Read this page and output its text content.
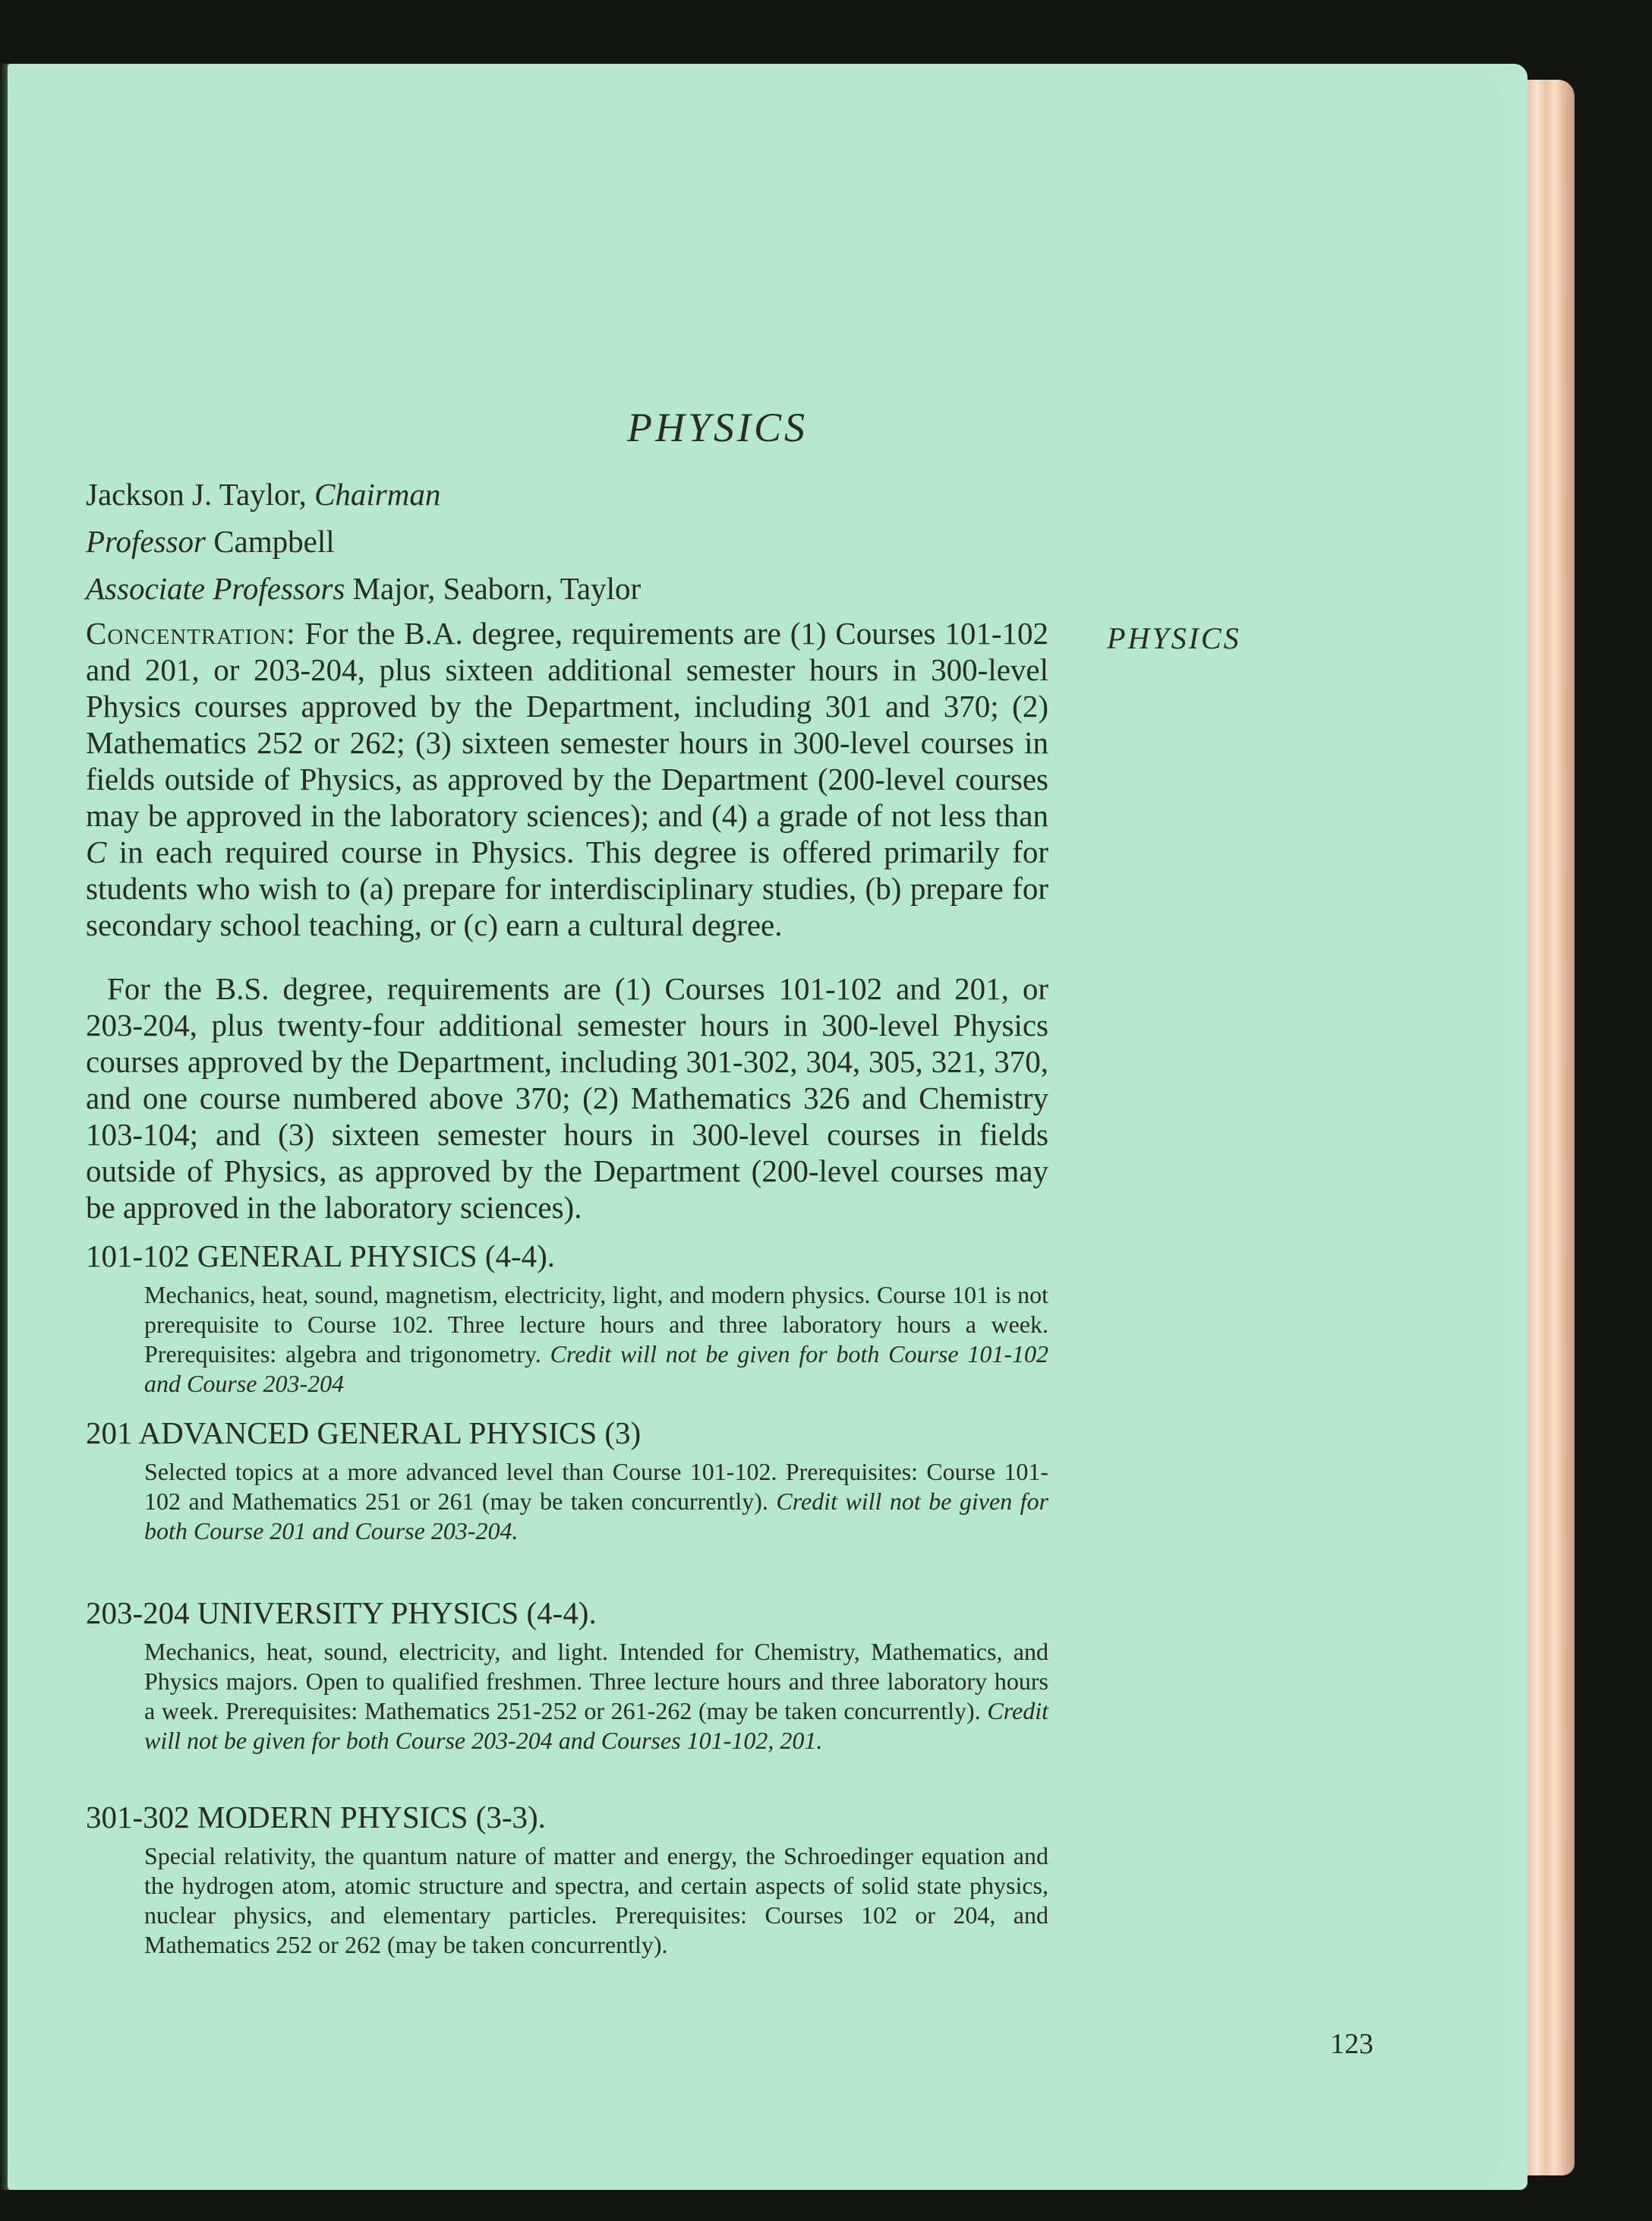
PHYSICS
PHYSICS
Jackson J. Taylor, Chairman
Professor Campbell
Associate Professors Major, Seaborn, Taylor
Concentration: For the B.A. degree, requirements are (1) Courses 101-102 and 201, or 203-204, plus sixteen additional semester hours in 300-level Physics courses approved by the Department, including 301 and 370; (2) Mathematics 252 or 262; (3) sixteen semester hours in 300-level courses in fields outside of Physics, as approved by the Department (200-level courses may be approved in the laboratory sciences); and (4) a grade of not less than C in each required course in Physics. This degree is offered primarily for students who wish to (a) prepare for interdisciplinary studies, (b) prepare for secondary school teaching, or (c) earn a cultural degree.
For the B.S. degree, requirements are (1) Courses 101-102 and 201, or 203-204, plus twenty-four additional semester hours in 300-level Physics courses approved by the Department, including 301-302, 304, 305, 321, 370, and one course numbered above 370; (2) Mathematics 326 and Chemistry 103-104; and (3) sixteen semester hours in 300-level courses in fields outside of Physics, as approved by the Department (200-level courses may be approved in the laboratory sciences).
101-102 GENERAL PHYSICS (4-4).
Mechanics, heat, sound, magnetism, electricity, light, and modern physics. Course 101 is not prerequisite to Course 102. Three lecture hours and three laboratory hours a week. Prerequisites: algebra and trigonometry. Credit will not be given for both Course 101-102 and Course 203-204
201 ADVANCED GENERAL PHYSICS (3)
Selected topics at a more advanced level than Course 101-102. Prerequisites: Course 101-102 and Mathematics 251 or 261 (may be taken concurrently). Credit will not be given for both Course 201 and Course 203-204.
203-204 UNIVERSITY PHYSICS (4-4).
Mechanics, heat, sound, electricity, and light. Intended for Chemistry, Mathematics, and Physics majors. Open to qualified freshmen. Three lecture hours and three laboratory hours a week. Prerequisites: Mathematics 251-252 or 261-262 (may be taken concurrently). Credit will not be given for both Course 203-204 and Courses 101-102, 201.
301-302 MODERN PHYSICS (3-3).
Special relativity, the quantum nature of matter and energy, the Schroedinger equation and the hydrogen atom, atomic structure and spectra, and certain aspects of solid state physics, nuclear physics, and elementary particles. Prerequisites: Courses 102 or 204, and Mathematics 252 or 262 (may be taken concurrently).
123
